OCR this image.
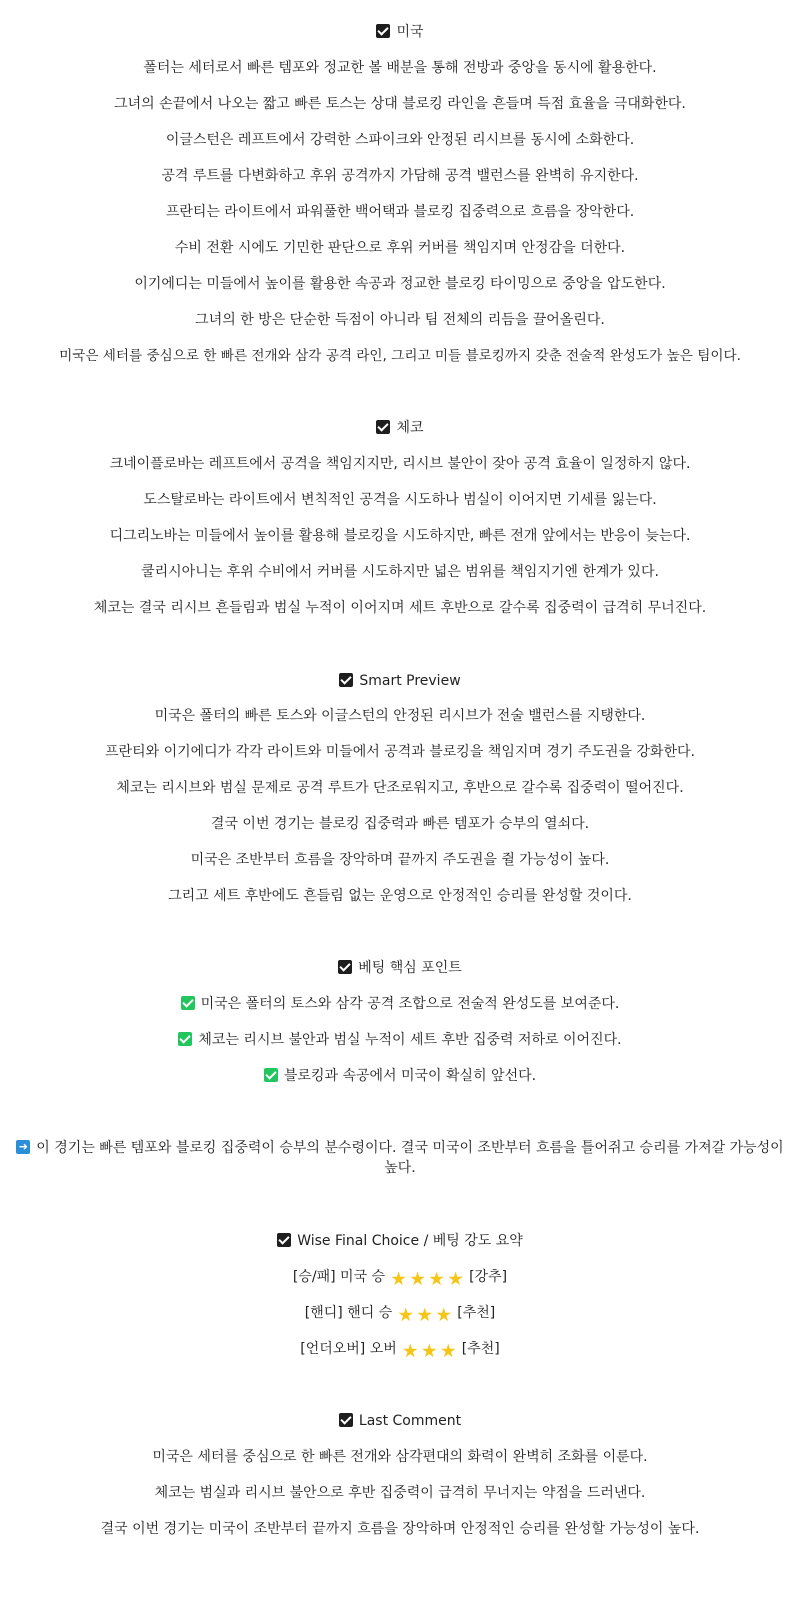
미국
폴터는 세터로서 빠른 템포와 정교한 볼 배분을 통해 전방과 중앙을 동시에 활용한다.
그녀의 손끝에서 나오는 짧고 빠른 토스는 상대 블로킹 라인을 흔들며 득점 효율을 극대화한다.
이글스턴은 레프트에서 강력한 스파이크와 안정된 리시브를 동시에 소화한다.
공격 루트를 다변화하고 후위 공격까지 가담해 공격 밸런스를 완벽히 유지한다.
프란티는 라이트에서 파워풀한 백어택과 블로킹 집중력으로 흐름을 장악한다.
수비 전환 시에도 기민한 판단으로 후위 커버를 책임지며 안정감을 더한다.
이기에디는 미들에서 높이를 활용한 속공과 정교한 블로킹 타이밍으로 중앙을 압도한다.
그녀의 한 방은 단순한 득점이 아니라 팀 전체의 리듬을 끌어올린다.
미국은 세터를 중심으로 한 빠른 전개와 삼각 공격 라인, 그리고 미들 블로킹까지 갖춘 전술적 완성도가 높은 팀이다.
체코
크네이플로바는 레프트에서 공격을 책임지지만, 리시브 불안이 잦아 공격 효율이 일정하지 않다.
도스탈로바는 라이트에서 변칙적인 공격을 시도하나 범실이 이어지면 기세를 잃는다.
디그리노바는 미들에서 높이를 활용해 블로킹을 시도하지만, 빠른 전개 앞에서는 반응이 늦는다.
쿨리시아니는 후위 수비에서 커버를 시도하지만 넓은 범위를 책임지기엔 한계가 있다.
체코는 결국 리시브 흔들림과 범실 누적이 이어지며 세트 후반으로 갈수록 집중력이 급격히 무너진다.
Smart Preview
미국은 폴터의 빠른 토스와 이글스턴의 안정된 리시브가 전술 밸런스를 지탱한다.
프란티와 이기에디가 각각 라이트와 미들에서 공격과 블로킹을 책임지며 경기 주도권을 강화한다.
체코는 리시브와 범실 문제로 공격 루트가 단조로워지고, 후반으로 갈수록 집중력이 떨어진다.
결국 이번 경기는 블로킹 집중력과 빠른 템포가 승부의 열쇠다.
미국은 조반부터 흐름을 장악하며 끝까지 주도권을 쥘 가능성이 높다.
그리고 세트 후반에도 흔들림 없는 운영으로 안정적인 승리를 완성할 것이다.
베팅 핵심 포인트
미국은 폴터의 토스와 삼각 공격 조합으로 전술적 완성도를 보여준다.
체코는 리시브 불안과 범실 누적이 세트 후반 집중력 저하로 이어진다.
블로킹과 속공에서 미국이 확실히 앞선다.
➜이 경기는 빠른 템포와 블로킹 집중력이 승부의 분수령이다. 결국 미국이 조반부터 흐름을 틀어쥐고 승리를 가져갈 가능성이 높다.
Wise Final Choice / 베팅 강도 요약
[승/패] 미국 승	[강추]
[핸디] 핸디 승	[추천]
[언더오버] 오버	[추천]
Last Comment
미국은 세터를 중심으로 한 빠른 전개와 삼각편대의 화력이 완벽히 조화를 이룬다.
체코는 범실과 리시브 불안으로 후반 집중력이 급격히 무너지는 약점을 드러낸다.
결국 이번 경기는 미국이 조반부터 끝까지 흐름을 장악하며 안정적인 승리를 완성할 가능성이 높다.
